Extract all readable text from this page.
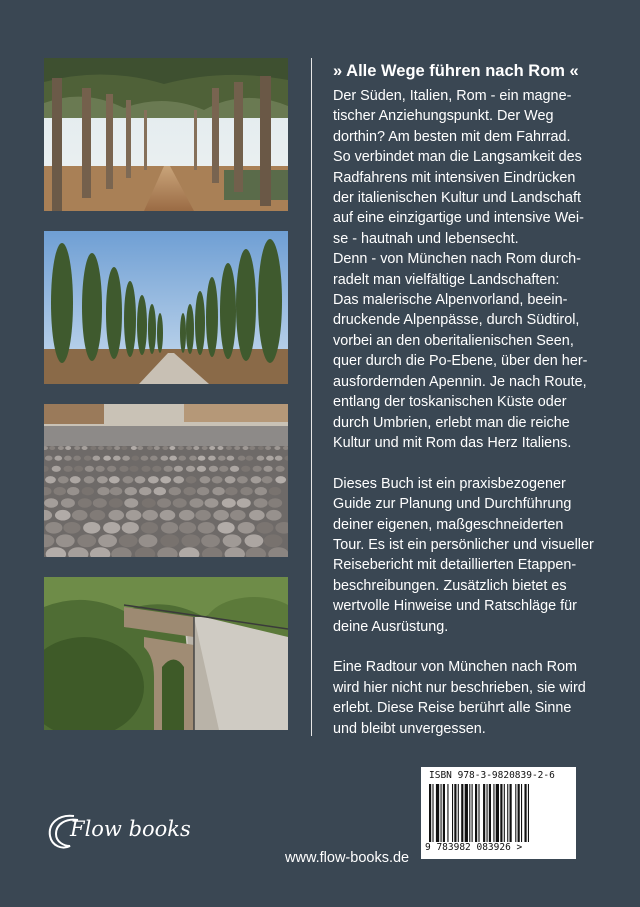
» Alle Wege führen nach Rom «

Der Süden, Italien, Rom - ein magne-
tischer Anziehungspunkt. Der Weg
dorthin? Am besten mit dem Fahrrad.
So verbindet man die Langsamkeit des
Radfahrens mit intensiven Eindrücken
der italienischen Kultur und Landschaft
auf eine einzigartige und intensive Wei-
se - hautnah und lebensecht.
Denn - von München nach Rom durch-
radelt man vielfältige Landschaften:
Das malerische Alpenvorland, beein-
druckende Alpenpässe, durch Südtirol,
vorbei an den oberitalienischen Seen,
quer durch die Po-Ebene, über den her-
ausfordernden Apennin. Je nach Route,
entlang der toskanischen Küste oder
durch Umbrien, erlebt man die reiche
Kultur und mit Rom das Herz Italiens.

Dieses Buch ist ein praxisbezogener
Guide zur Planung und Durchführung
deiner eigenen, maßgeschneiderten
Tour. Es ist ein persönlicher und visueller
Reisebericht mit detaillierten Etappen-
beschreibungen. Zusätzlich bietet es
wertvolle Hinweise und Ratschläge für
deine Ausrüstung.

Eine Radtour von München nach Rom
wird hier nicht nur beschrieben, sie wird
erlebt. Diese Reise berührt alle Sinne
und bleibt unvergessen.

Flow books
www.flow-books.de
ISBN 978-3-9820839-2-6
9 783982 083926 >
